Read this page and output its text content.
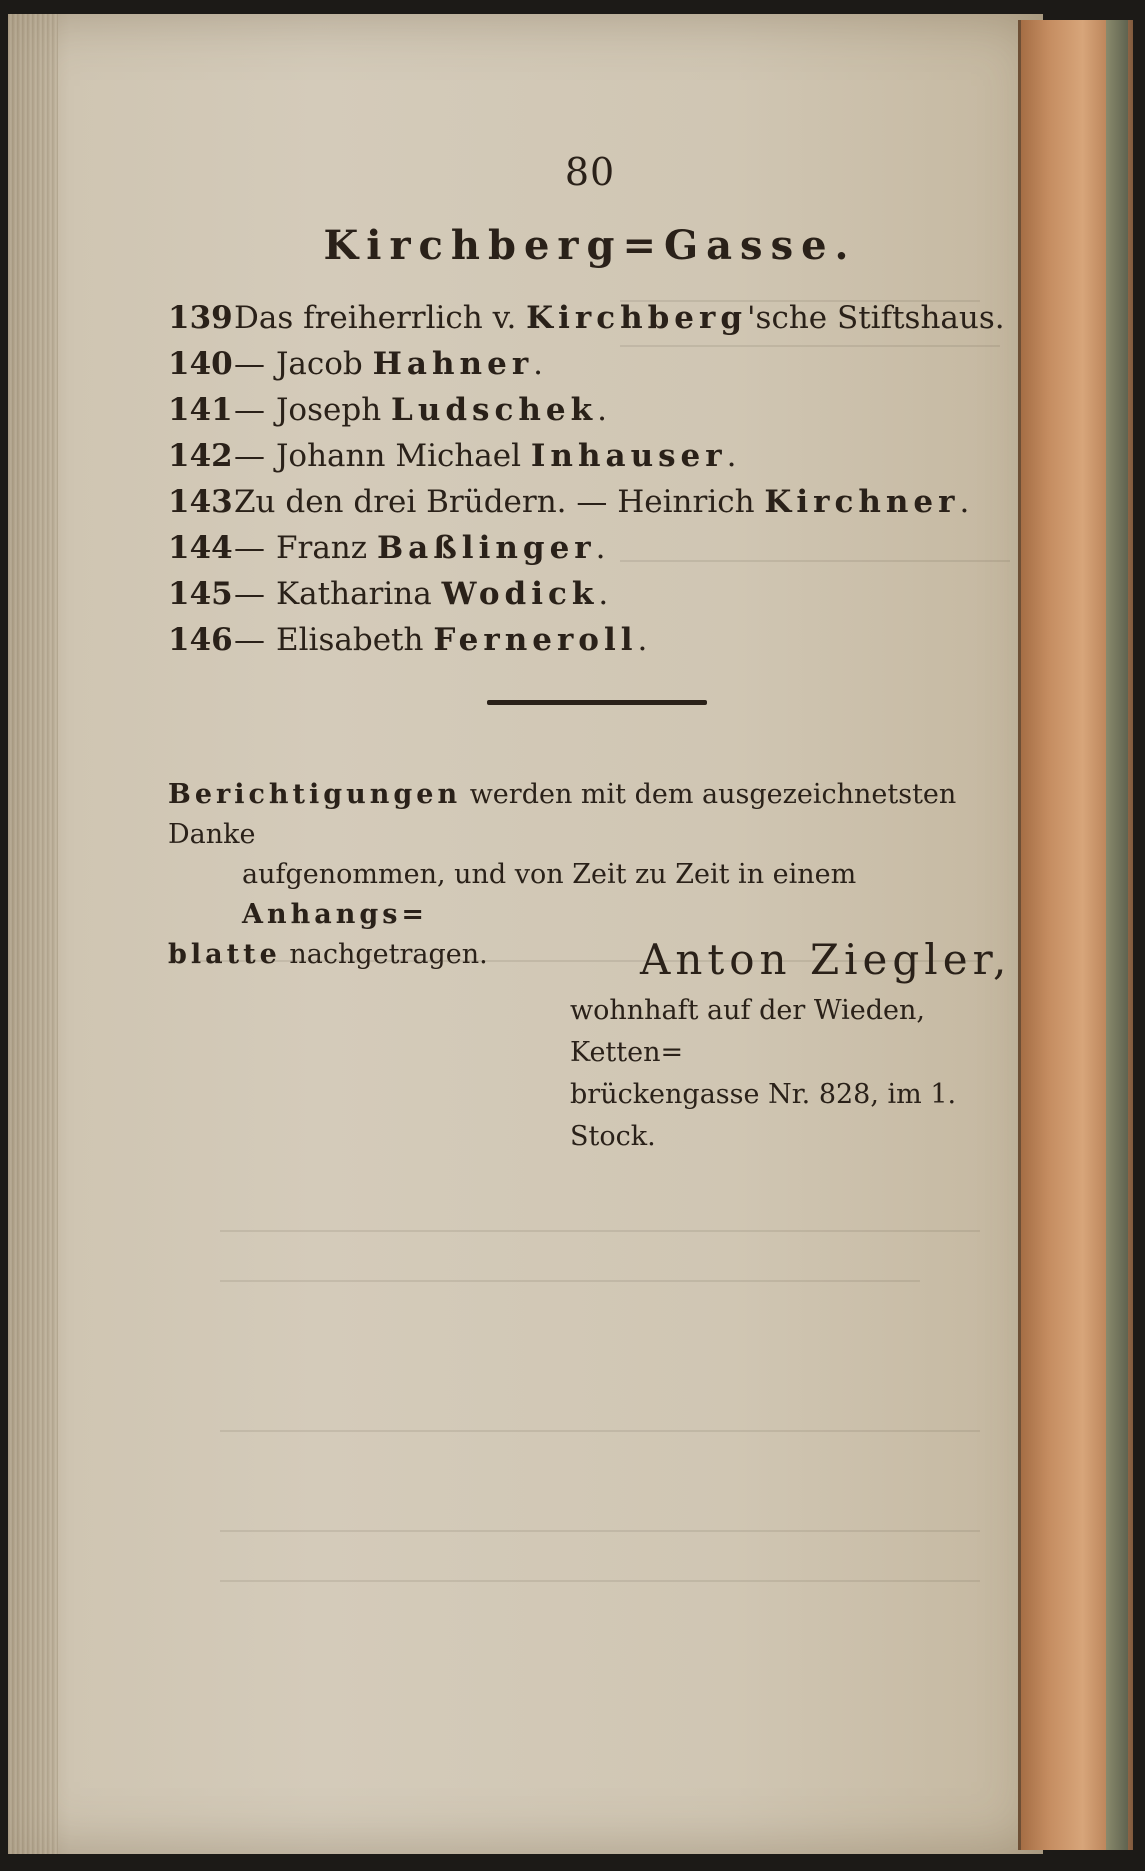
80
Kirchberg=Gasse.
139Das freiherrlich v. Kirchberg'sche Stiftshaus.
140— Jacob Hahner.
141— Joseph Ludschek.
142— Johann Michael Inhauser.
143Zu den drei Brüdern. — Heinrich Kirchner.
144— Franz Baßlinger.
145— Katharina Wodick.
146— Elisabeth Ferneroll.
Berichtigungen werden mit dem ausgezeichnetsten Danke
aufgenommen, und von Zeit zu Zeit in einem Anhangs=
blatte nachgetragen.	Anton Ziegler,
wohnhaft auf der Wieden, Ketten=
brückengasse Nr. 828, im 1. Stock.
